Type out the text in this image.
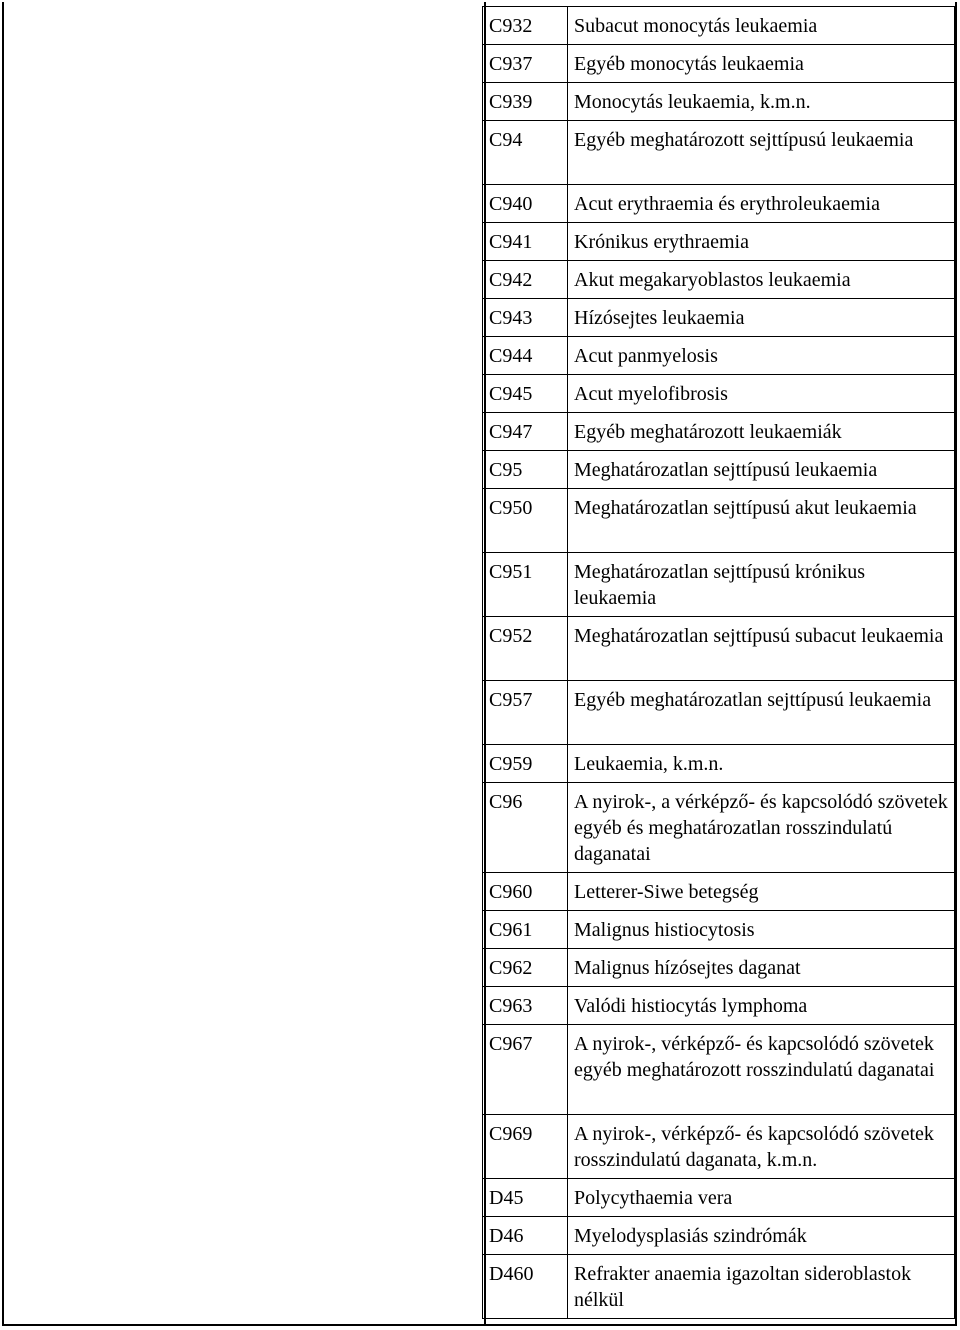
C932	Subacut monocytás leukaemia
C937	Egyéb monocytás leukaemia
C939	Monocytás leukaemia, k.m.n.
C94	Egyéb meghatározott sejttípusú leukaemia
C940	Acut erythraemia és erythroleukaemia
C941	Krónikus erythraemia
C942	Akut megakaryoblastos leukaemia
C943	Hízósejtes leukaemia
C944	Acut panmyelosis
C945	Acut myelofibrosis
C947	Egyéb meghatározott leukaemiák
C95	Meghatározatlan sejttípusú leukaemia
C950	Meghatározatlan sejttípusú akut leukaemia
C951	Meghatározatlan sejttípusú krónikus leukaemia
C952	Meghatározatlan sejttípusú subacut leukaemia
C957	Egyéb meghatározatlan sejttípusú leukaemia
C959	Leukaemia, k.m.n.
C96	A nyirok-, a vérképző- és kapcsolódó szövetek egyéb és meghatározatlan rosszindulatú daganatai
C960	Letterer-Siwe betegség
C961	Malignus histiocytosis
C962	Malignus hízósejtes daganat
C963	Valódi histiocytás lymphoma
C967	A nyirok-, vérképző- és kapcsolódó szövetek egyéb meghatározott rosszindulatú daganatai
C969	A nyirok-, vérképző- és kapcsolódó szövetek rosszindulatú daganata, k.m.n.
D45	Polycythaemia vera
D46	Myelodysplasiás szindrómák
D460	Refrakter anaemia igazoltan sideroblastok nélkül
